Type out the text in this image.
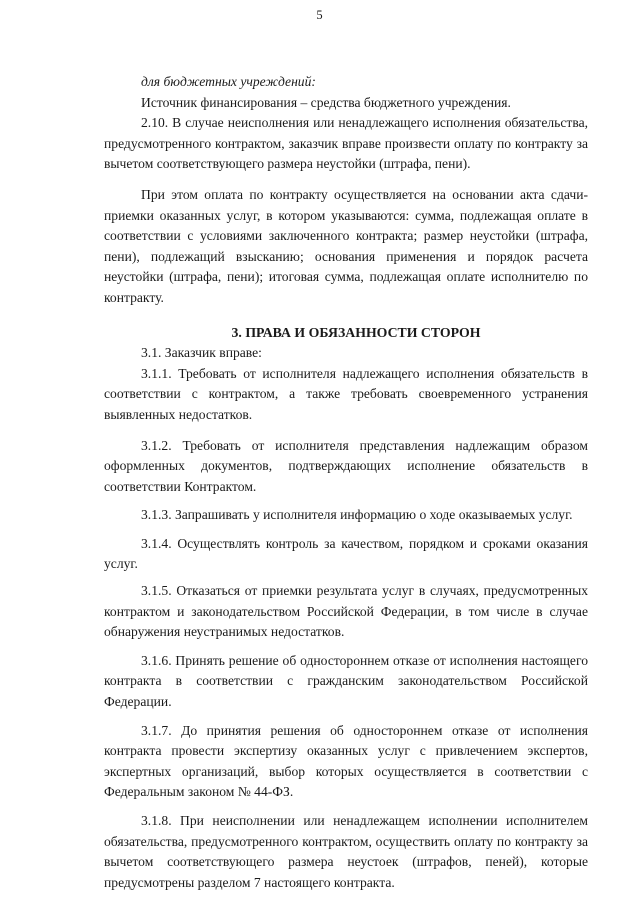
5

для бюджетных учреждений:

Источник финансирования – средства бюджетного учреждения.

2.10. В случае неисполнения или ненадлежащего исполнения обязательства, предусмотренного контрактом, заказчик вправе произвести оплату по контракту за вычетом соответствующего размера неустойки (штрафа, пени).

При этом оплата по контракту осуществляется на основании акта сдачи-приемки оказанных услуг, в котором указываются: сумма, подлежащая оплате в соответствии с условиями заключенного контракта; размер неустойки (штрафа, пени), подлежащий взысканию; основания применения и порядок расчета неустойки (штрафа, пени); итоговая сумма, подлежащая оплате исполнителю по контракту.

3. ПРАВА И ОБЯЗАННОСТИ СТОРОН

3.1. Заказчик вправе:

3.1.1. Требовать от исполнителя надлежащего исполнения обязательств в соответствии с контрактом, а также требовать своевременного устранения выявленных недостатков.

3.1.2. Требовать от исполнителя представления надлежащим образом оформленных документов, подтверждающих исполнение обязательств в соответствии Контрактом.

3.1.3. Запрашивать у исполнителя информацию о ходе оказываемых услуг.

3.1.4. Осуществлять контроль за качеством, порядком и сроками оказания услуг.

3.1.5. Отказаться от приемки результата услуг в случаях, предусмотренных контрактом и законодательством Российской Федерации, в том числе в случае обнаружения неустранимых недостатков.

3.1.6. Принять решение об одностороннем отказе от исполнения настоящего контракта в соответствии с гражданским законодательством Российской Федерации.

3.1.7. До принятия решения об одностороннем отказе от исполнения контракта провести экспертизу оказанных услуг с привлечением экспертов, экспертных организаций, выбор которых осуществляется в соответствии с Федеральным законом № 44-ФЗ.

3.1.8. При неисполнении или ненадлежащем исполнении исполнителем обязательства, предусмотренного контрактом, осуществить оплату по контракту за вычетом соответствующего размера неустоек (штрафов, пеней), которые предусмотрены разделом 7 настоящего контракта.
